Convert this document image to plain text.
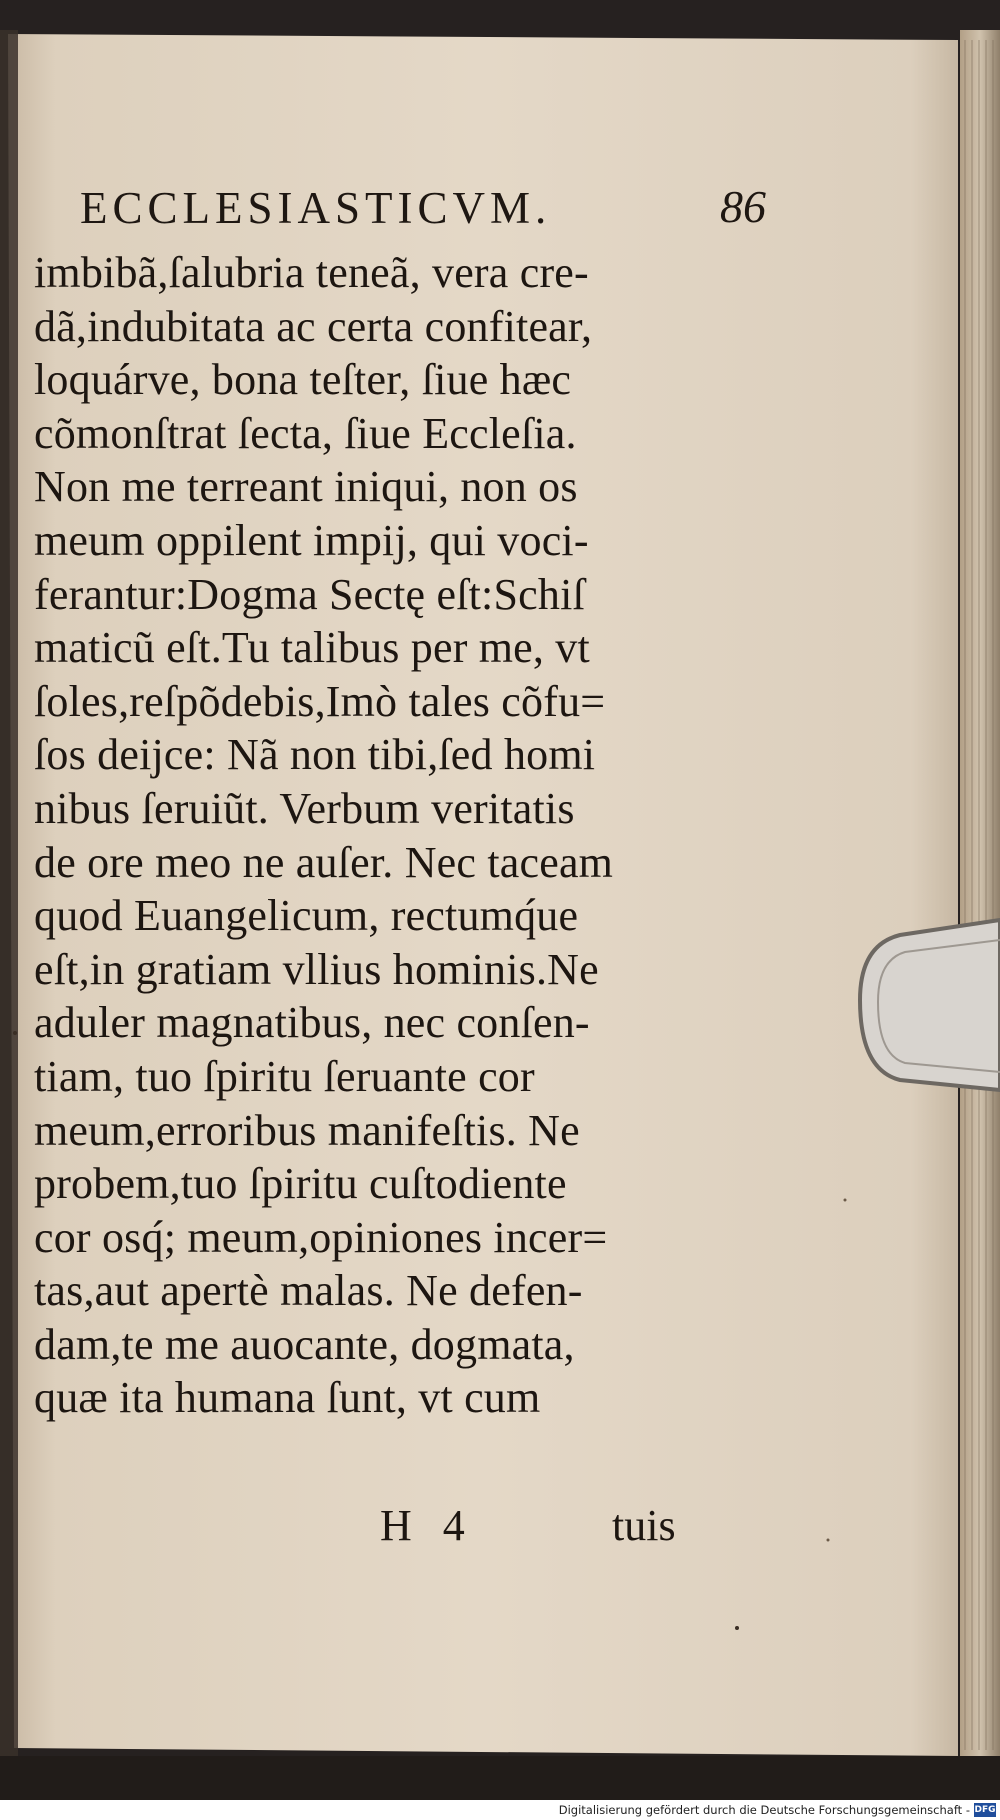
ECCLESIASTICVM.	86
imbibã,ſalubria teneã, vera cre-
dã,indubitata ac certa confitear,
loquárve, bona teſter, ſiue hæc
cõmonſtrat ſecta, ſiue Eccleſia.
Non me terreant iniqui, non os
meum oppilent impij, qui voci-
ferantur:Dogma Sectę eſt:Schiſ
maticũ eſt.Tu talibus per me, vt
ſoles,reſpõdebis,Imò tales cõfu=
ſos deijce: Nã non tibi,ſed homi
nibus ſeruiũt. Verbum veritatis
de ore meo ne auſer. Nec taceam
quod Euangelicum, rectumq́ue
eſt,in gratiam vllius hominis.Ne
aduler magnatibus, nec conſen-
tiam, tuo ſpiritu ſeruante cor
meum,erroribus manifeſtis. Ne
probem,tuo ſpiritu cuſtodiente
cor osq́; meum,opiniones incer=
tas,aut apertè malas. Ne defen-
dam,te me auocante, dogmata,
quæ ita humana ſunt, vt cum
H 4	tuis
Digitalisierung gefördert durch die Deutsche Forschungsgemeinschaft - DFG
